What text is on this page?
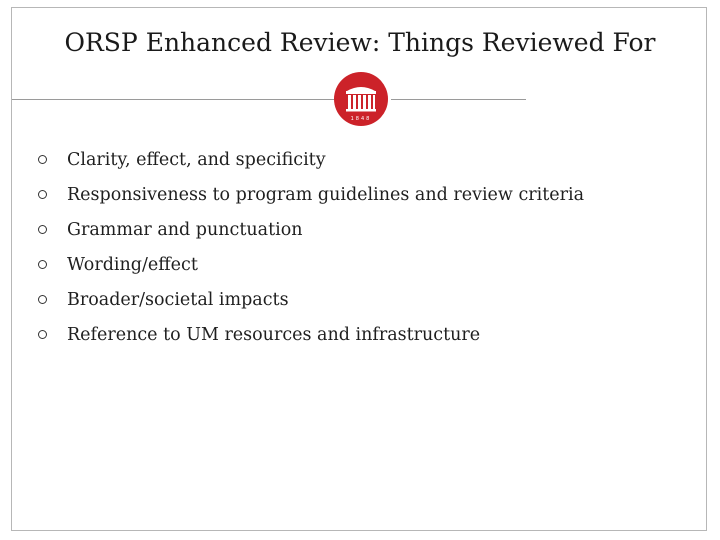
ORSP Enhanced Review: Things Reviewed For
1848
Clarity, effect, and specificity
Responsiveness to program guidelines and review criteria
Grammar and punctuation
Wording/effect
Broader/societal impacts
Reference to UM resources and infrastructure
